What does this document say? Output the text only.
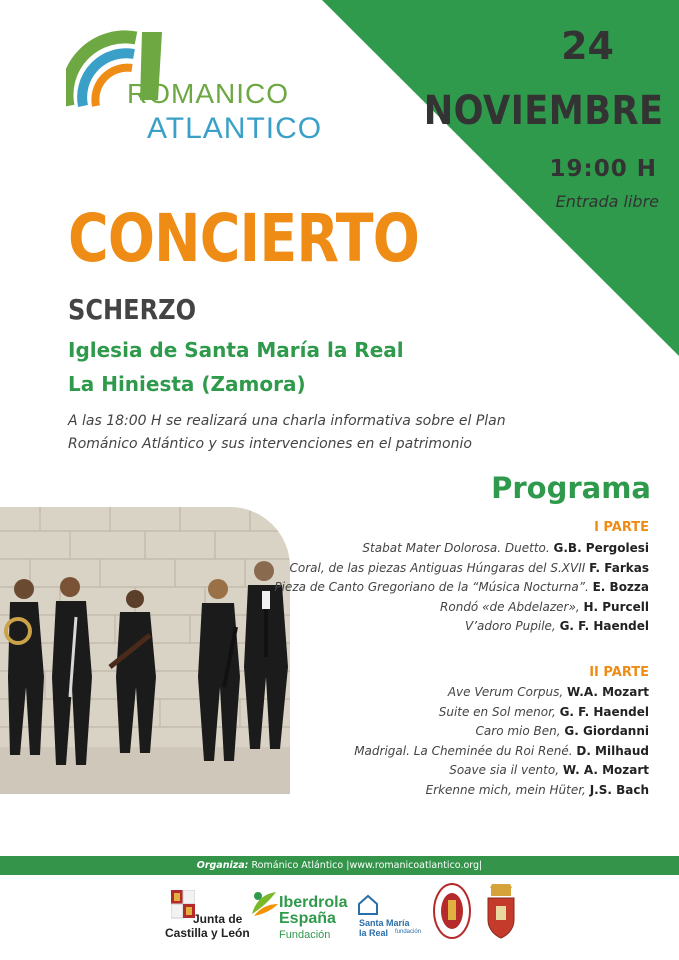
24
NOVIEMBRE
19:00 H
Entrada libre
ROMANICO
ATLANTICO
CONCIERTO
SCHERZO
Iglesia de Santa María la Real
La Hiniesta (Zamora)
A las 18:00 H se realizará una charla informativa sobre el Plan
Románico Atlántico y sus intervenciones en el patrimonio
Programa
I PARTE
Stabat Mater Dolorosa. Duetto. G.B. Pergolesi
Coral, de las piezas Antiguas Húngaras del S.XVII F. Farkas
Pieza de Canto Gregoriano de la “Música Nocturna”. E. Bozza
Rondó «de Abdelazer», H. Purcell
V’adoro Pupile, G. F. Haendel
II PARTE
Ave Verum Corpus, W.A. Mozart
Suite en Sol menor, G. F. Haendel
Caro mio Ben, G. Giordanni
Madrigal. La Cheminée du Roi René. D. Milhaud
Soave sia il vento, W. A. Mozart
Erkenne mich, mein Hüter, J.S. Bach
Organiza: Románico Atlántico |www.romanicoatlantico.org|
Junta de
Castilla y León
Iberdrola
España
Fundación
Santa María
la Real fundación
